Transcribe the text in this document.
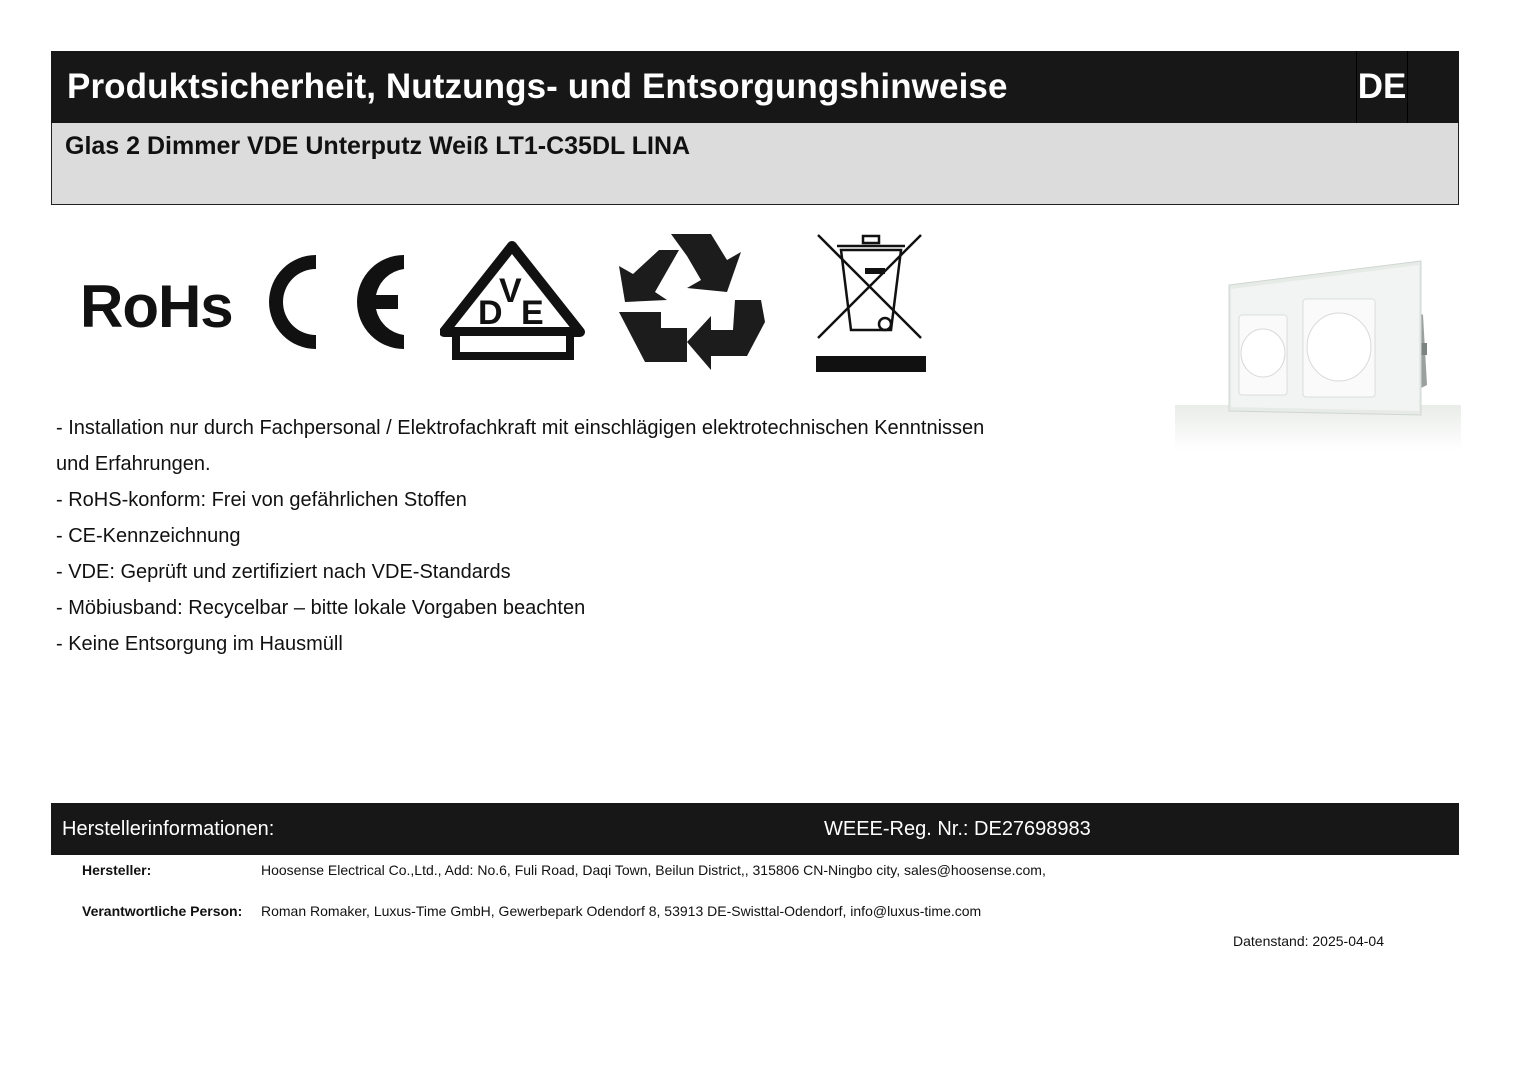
Produktsicherheit, Nutzungs- und Entsorgungshinweise	DE
Glas 2 Dimmer VDE Unterputz Weiß LT1-C35DL LINA
RoHs	D
V
E
- Installation nur durch Fachpersonal / Elektrofachkraft mit einschlägigen elektrotechnischen Kenntnissen
und Erfahrungen.
- RoHS-konform: Frei von gefährlichen Stoffen
- CE-Kennzeichnung
- VDE: Geprüft und zertifiziert nach VDE-Standards
- Möbiusband: Recycelbar – bitte lokale Vorgaben beachten
- Keine Entsorgung im Hausmüll
Herstellerinformationen:	WEEE-Reg. Nr.: DE27698983
Hersteller:	Hoosense Electrical Co.,Ltd., Add: No.6, Fuli Road, Daqi Town, Beilun District,, 315806 CN-Ningbo city, sales@hoosense.com,
Verantwortliche Person: Roman Romaker, Luxus-Time GmbH, Gewerbepark Odendorf 8, 53913 DE-Swisttal-Odendorf, info@luxus-time.com
Datenstand: 2025-04-04
